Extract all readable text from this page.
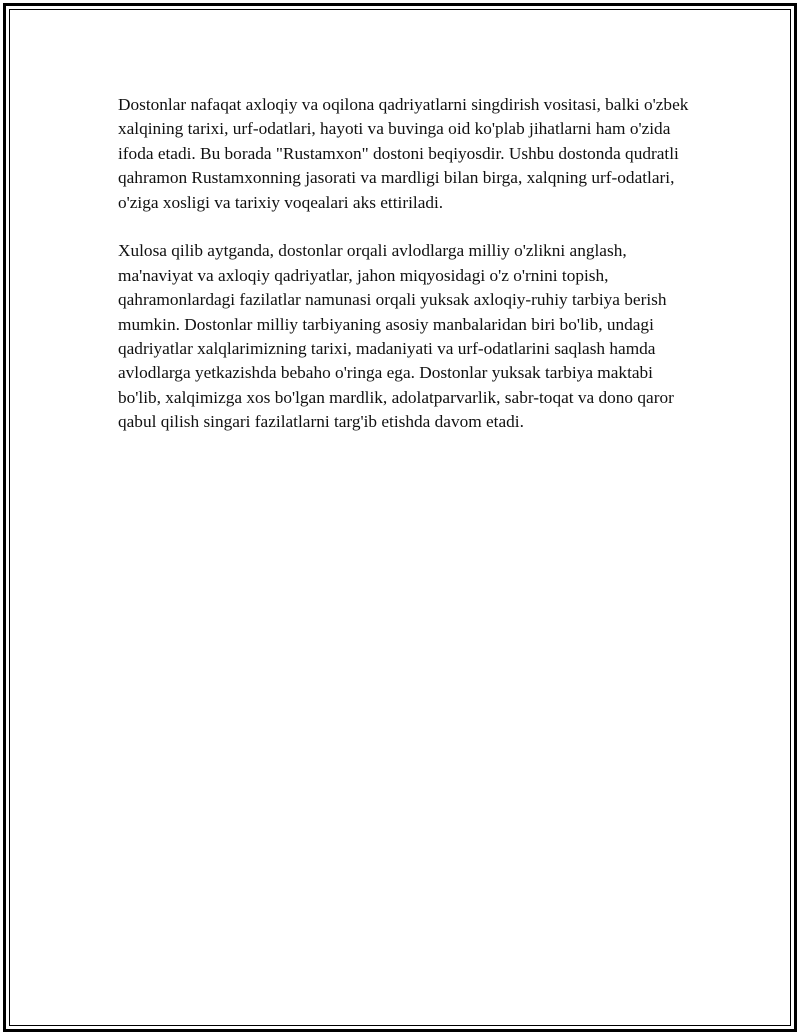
Dostonlar nafaqat axloqiy va oqilona qadriyatlarni singdirish vositasi, balki o'zbek xalqining tarixi, urf-odatlari, hayoti va buvinga oid ko'plab jihatlarni ham o'zida ifoda etadi. Bu borada "Rustamxon" dostoni beqiyosdir. Ushbu dostonda qudratli qahramon Rustamxonning jasorati va mardligi bilan birga, xalqning urf-odatlari, o'ziga xosligi va tarixiy voqealari aks ettiriladi.

Xulosa qilib aytganda, dostonlar orqali avlodlarga milliy o'zlikni anglash, ma'naviyat va axloqiy qadriyatlar, jahon miqyosidagi o'z o'rnini topish, qahramonlardagi fazilatlar namunasi orqali yuksak axloqiy-ruhiy tarbiya berish mumkin. Dostonlar milliy tarbiyaning asosiy manbalaridan biri bo'lib, undagi qadriyatlar xalqlarimizning tarixi, madaniyati va urf-odatlarini saqlash hamda avlodlarga yetkazishda bebaho o'ringa ega. Dostonlar yuksak tarbiya maktabi bo'lib, xalqimizga xos bo'lgan mardlik, adolatparvarlik, sabr-toqat va dono qaror qabul qilish singari fazilatlarni targ'ib etishda davom etadi.
